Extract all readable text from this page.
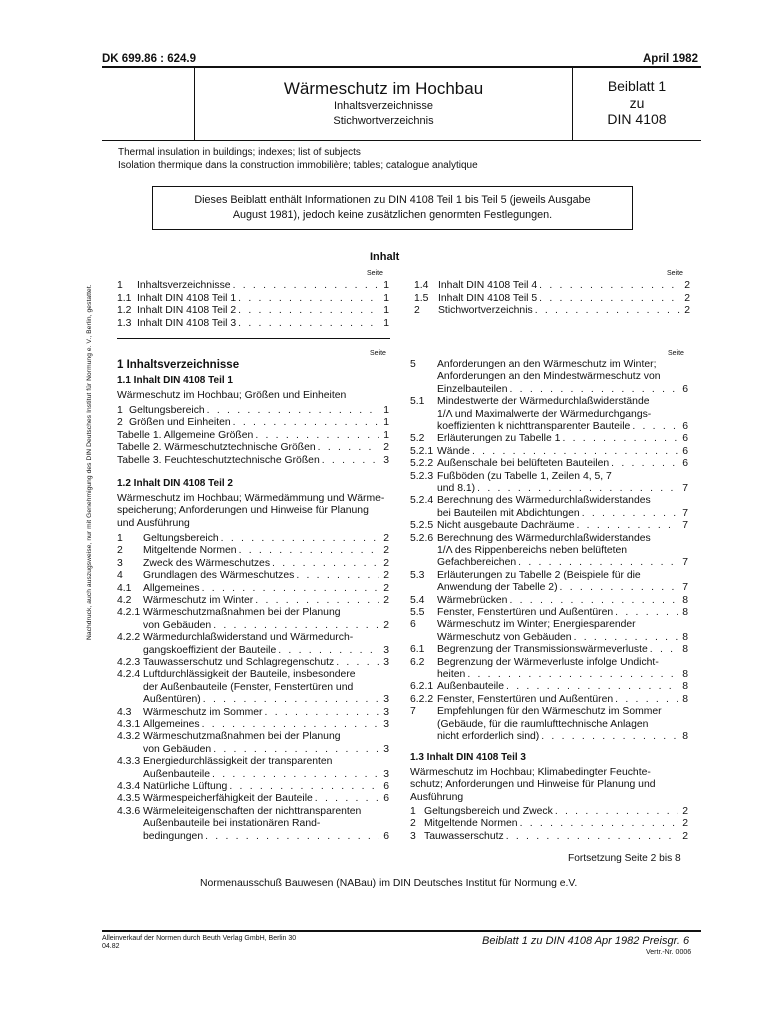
DK 699.86 : 624.9	April 1982
Wärmeschutz im Hochbau
Inhaltsverzeichnisse
Stichwortverzeichnis
Beiblatt 1
zu
DIN 4108
Thermal insulation in buildings; indexes; list of subjects
Isolation thermique dans la construction immobilière; tables; catalogue analytique
Dieses Beiblatt enthält Informationen zu DIN 4108 Teil 1 bis Teil 5 (jeweils Ausgabe
August 1981), jedoch keine zusätzlichen genormten Festlegungen.
Inhalt
Seite	Seite
1	Inhaltsverzeichnisse . . .	1
1.1 Inhalt DIN 4108 Teil 1 . . .	1
1.2 Inhalt DIN 4108 Teil 2 . . .	1
1.3 Inhalt DIN 4108 Teil 3 . . .	1
1.4 Inhalt DIN 4108 Teil 4 . . .	2
1.5 Inhalt DIN 4108 Teil 5 . . .	2
2	Stichwortverzeichnis . . .	2
Seite
1 Inhaltsverzeichnisse
1.1 Inhalt DIN 4108 Teil 1
Wärmeschutz im Hochbau; Größen und Einheiten
1 Geltungsbereich . . .	1
2 Größen und Einheiten . . .	1
Tabelle 1. Allgemeine Größen . . .	1
Tabelle 2. Wärmeschutztechnische Größen . . .	2
Tabelle 3. Feuchteschutztechnische Größen . . .	3
1.2 Inhalt DIN 4108 Teil 2
Wärmeschutz im Hochbau; Wärmedämmung und Wärme-
speicherung; Anforderungen und Hinweise für Planung
und Ausführung
1	Geltungsbereich . . .	2
2	Mitgeltende Normen . . .	2
3	Zweck des Wärmeschutzes . . .	2
4	Grundlagen des Wärmeschutzes . . .	2
4.1	Allgemeines . . .	2
4.2	Wärmeschutz im Winter . . .	2
4.2.1 Wärmeschutzmaßnahmen bei der Planung
von Gebäuden . . .	2
4.2.2 Wärmedurchlaßwiderstand und Wärmedurch-
gangskoeffizient der Bauteile . . .	3
4.2.3 Tauwasserschutz und Schlagregenschutz . . .	3
4.2.4 Luftdurchlässigkeit der Bauteile, insbesondere
der Außenbauteile (Fenster, Fenstertüren und
Außentüren) . . .	3
4.3	Wärmeschutz im Sommer . . .	3
4.3.1 Allgemeines . . .	3
4.3.2 Wärmeschutzmaßnahmen bei der Planung
von Gebäuden . . .	3
4.3.3 Energiedurchlässigkeit der transparenten
Außenbauteile . . .	3
4.3.4 Natürliche Lüftung . . .	6
4.3.5 Wärmespeicherfähigkeit der Bauteile . . .	6
4.3.6 Wärmeleiteigenschaften der nichttransparenten
Außenbauteile bei instationären Rand-
bedingungen . . .	6
Seite
5	Anforderungen an den Wärmeschutz im Winter;
Anforderungen an den Mindestwärmeschutz von
Einzelbauteilen . . .	6
5.1	Mindestwerte der Wärmedurchlaßwiderstände
1/Λ und Maximalwerte der Wärmedurchgangs-
koeffizienten k nichttransparenter Bauteile . . .	6
5.2	Erläuterungen zu Tabelle 1 . . .	6
5.2.1 Wände . . .	6
5.2.2 Außenschale bei belüfteten Bauteilen . . .	6
5.2.3 Fußböden (zu Tabelle 1, Zeilen 4, 5, 7
und 8.1) . . .	7
5.2.4 Berechnung des Wärmedurchlaßwiderstandes
bei Bauteilen mit Abdichtungen . . .	7
5.2.5 Nicht ausgebaute Dachräume . . .	7
5.2.6 Berechnung des Wärmedurchlaßwiderstandes
1/Λ des Rippenbereichs neben belüfteten
Gefachbereichen . . .	7
5.3	Erläuterungen zu Tabelle 2 (Beispiele für die
Anwendung der Tabelle 2) . . .	7
5.4	Wärmebrücken . . .	8
5.5	Fenster, Fenstertüren und Außentüren . . .	8
6	Wärmeschutz im Winter; Energiesparender
Wärmeschutz von Gebäuden . . .	8
6.1	Begrenzung der Transmissionswärmeverluste . . .	8
6.2	Begrenzung der Wärmeverluste infolge Undicht-
heiten . . .	8
6.2.1 Außenbauteile . . .	8
6.2.2 Fenster, Fenstertüren und Außentüren . . .	8
7	Empfehlungen für den Wärmeschutz im Sommer
(Gebäude, für die raumlufttechnische Anlagen
nicht erforderlich sind) . . .	8
1.3 Inhalt DIN 4108 Teil 3
Wärmeschutz im Hochbau; Klimabedingter Feuchte-
schutz; Anforderungen und Hinweise für Planung und
Ausführung
1 Geltungsbereich und Zweck . . .	2
2 Mitgeltende Normen . . .	2
3 Tauwasserschutz . . .	2
Fortsetzung Seite 2 bis 8
Normenausschuß Bauwesen (NABau) im DIN Deutsches Institut für Normung e.V.
Alleinverkauf der Normen durch Beuth Verlag GmbH, Berlin 30
04.82	Beiblatt 1 zu DIN 4108 Apr 1982 Preisgr. 6
Vertr.-Nr. 0006
Nachdruck, auch auszugsweise, nur mit Genehmigung des DIN Deutsches Institut für Normung e. V., Berlin, gestattet.
